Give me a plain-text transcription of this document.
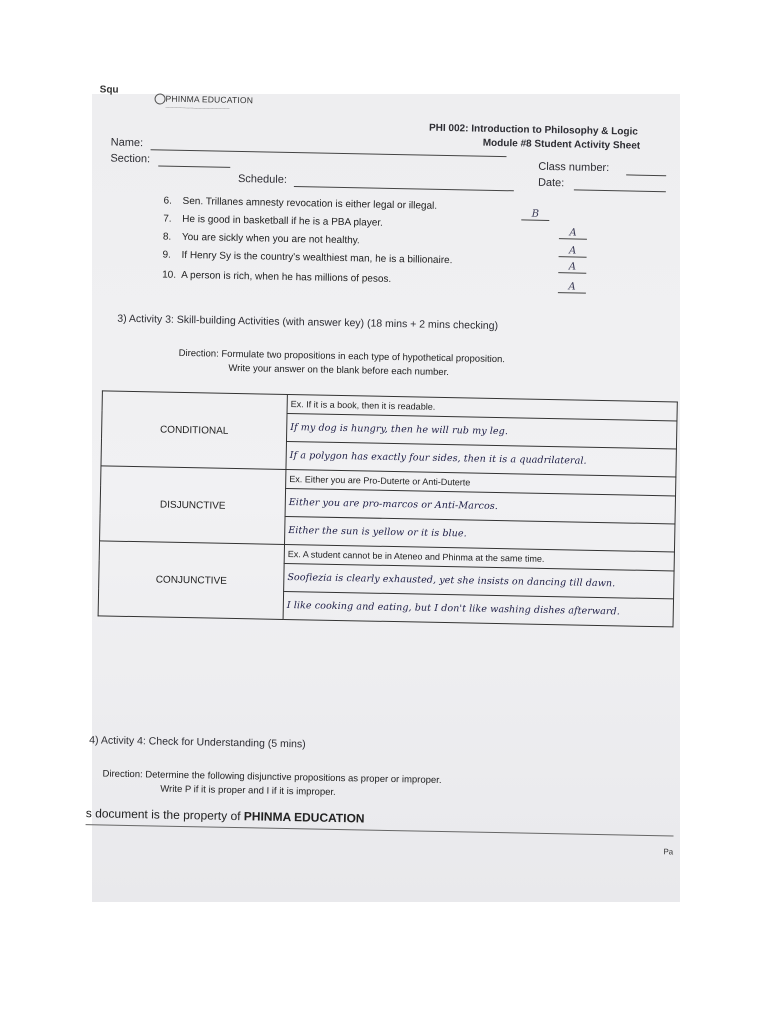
Squ
PHINMA EDUCATION
————————————————
PHI 002: Introduction to Philosophy & Logic
Module #8 Student Activity Sheet
Name:
Section:
Schedule:
Class number:
Date:
6. Sen. Trillanes amnesty revocation is either legal or illegal.
B
7. He is good in basketball if he is a PBA player.
A
8. You are sickly when you are not healthy.
A
9. If Henry Sy is the country's wealthiest man, he is a billionaire.
A
10. A person is rich, when he has millions of pesos.
A
3) Activity 3: Skill-building Activities (with answer key) (18 mins + 2 mins checking)
Direction: Formulate two propositions in each type of hypothetical proposition.
Write your answer on the blank before each number.
CONDITIONAL	Ex. If it is a book, then it is readable.
	If my dog is hungry, then he will rub my leg.
	If a polygon has exactly four sides, then it is a quadrilateral.
DISJUNCTIVE	Ex. Either you are Pro-Duterte or Anti-Duterte
	Either you are pro-marcos or Anti-Marcos.
	Either the sun is yellow or it is blue.
CONJUNCTIVE	Ex. A student cannot be in Ateneo and Phinma at the same time.
	Soofiezia is clearly exhausted, yet she insists on dancing till dawn.
	I like cooking and eating, but I don't like washing dishes afterward.
4) Activity 4: Check for Understanding (5 mins)
Direction: Determine the following disjunctive propositions as proper or improper.
Write P if it is proper and I if it is improper.
s document is the property of PHINMA EDUCATION
Pa
